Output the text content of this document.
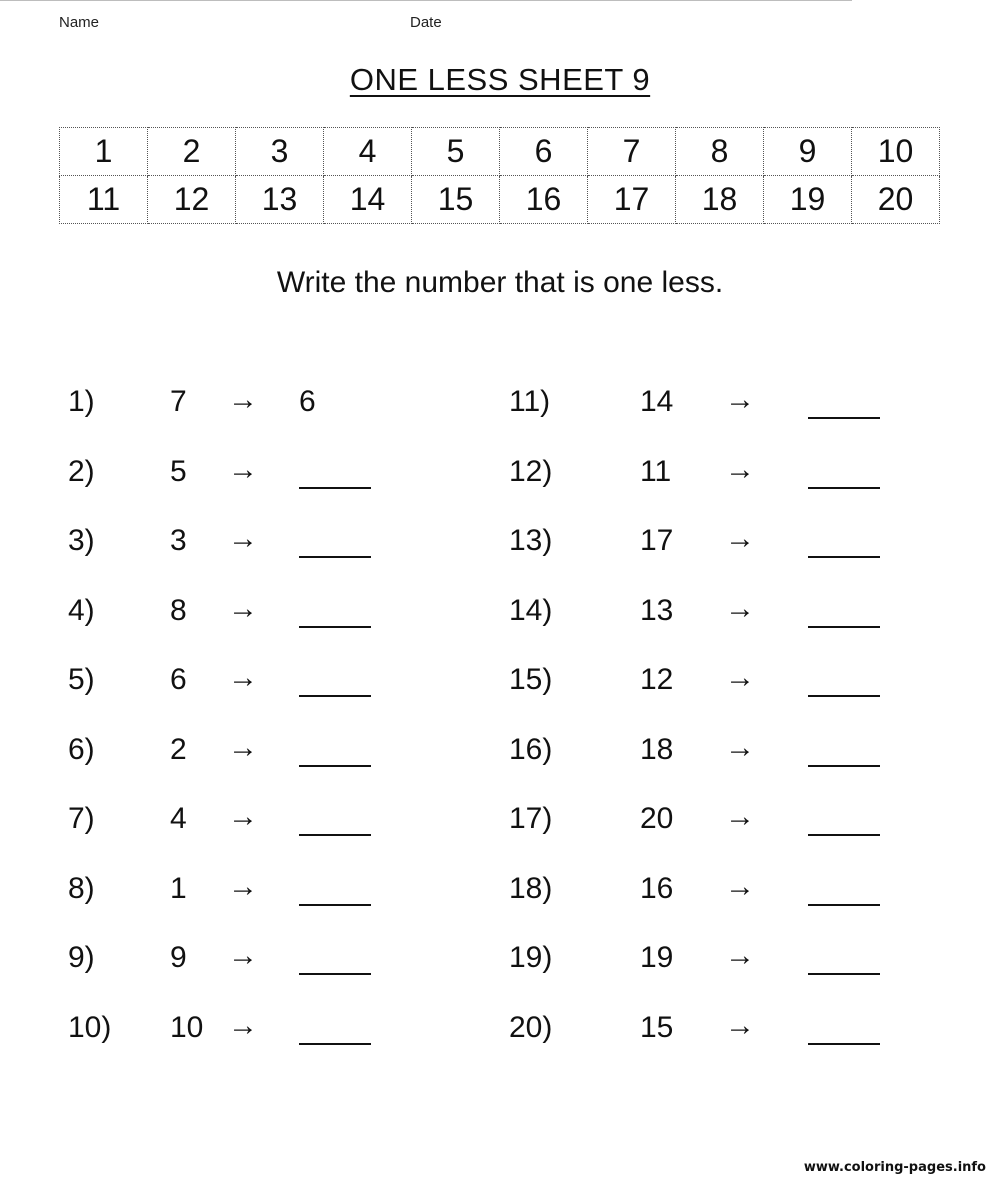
Name	Date
ONE LESS SHEET 9
1	2	3	4	5	6	7	8	9	10
11	12	13	14	15	16	17	18	19	20
Write the number that is one less.
1)	7 → 6
2)	5 →
3)	3 →
4)	8 →
5)	6 →
6)	2 →
7)	4 →
8)	1 →
9)	9 →
10) 10 →
11)	14 →
12)	11 →
13)	17 →
14)	13 →
15)	12 →
16)	18 →
17)	20 →
18)	16 →
19)	19 →
20)	15 →
www.coloring-pages.info
